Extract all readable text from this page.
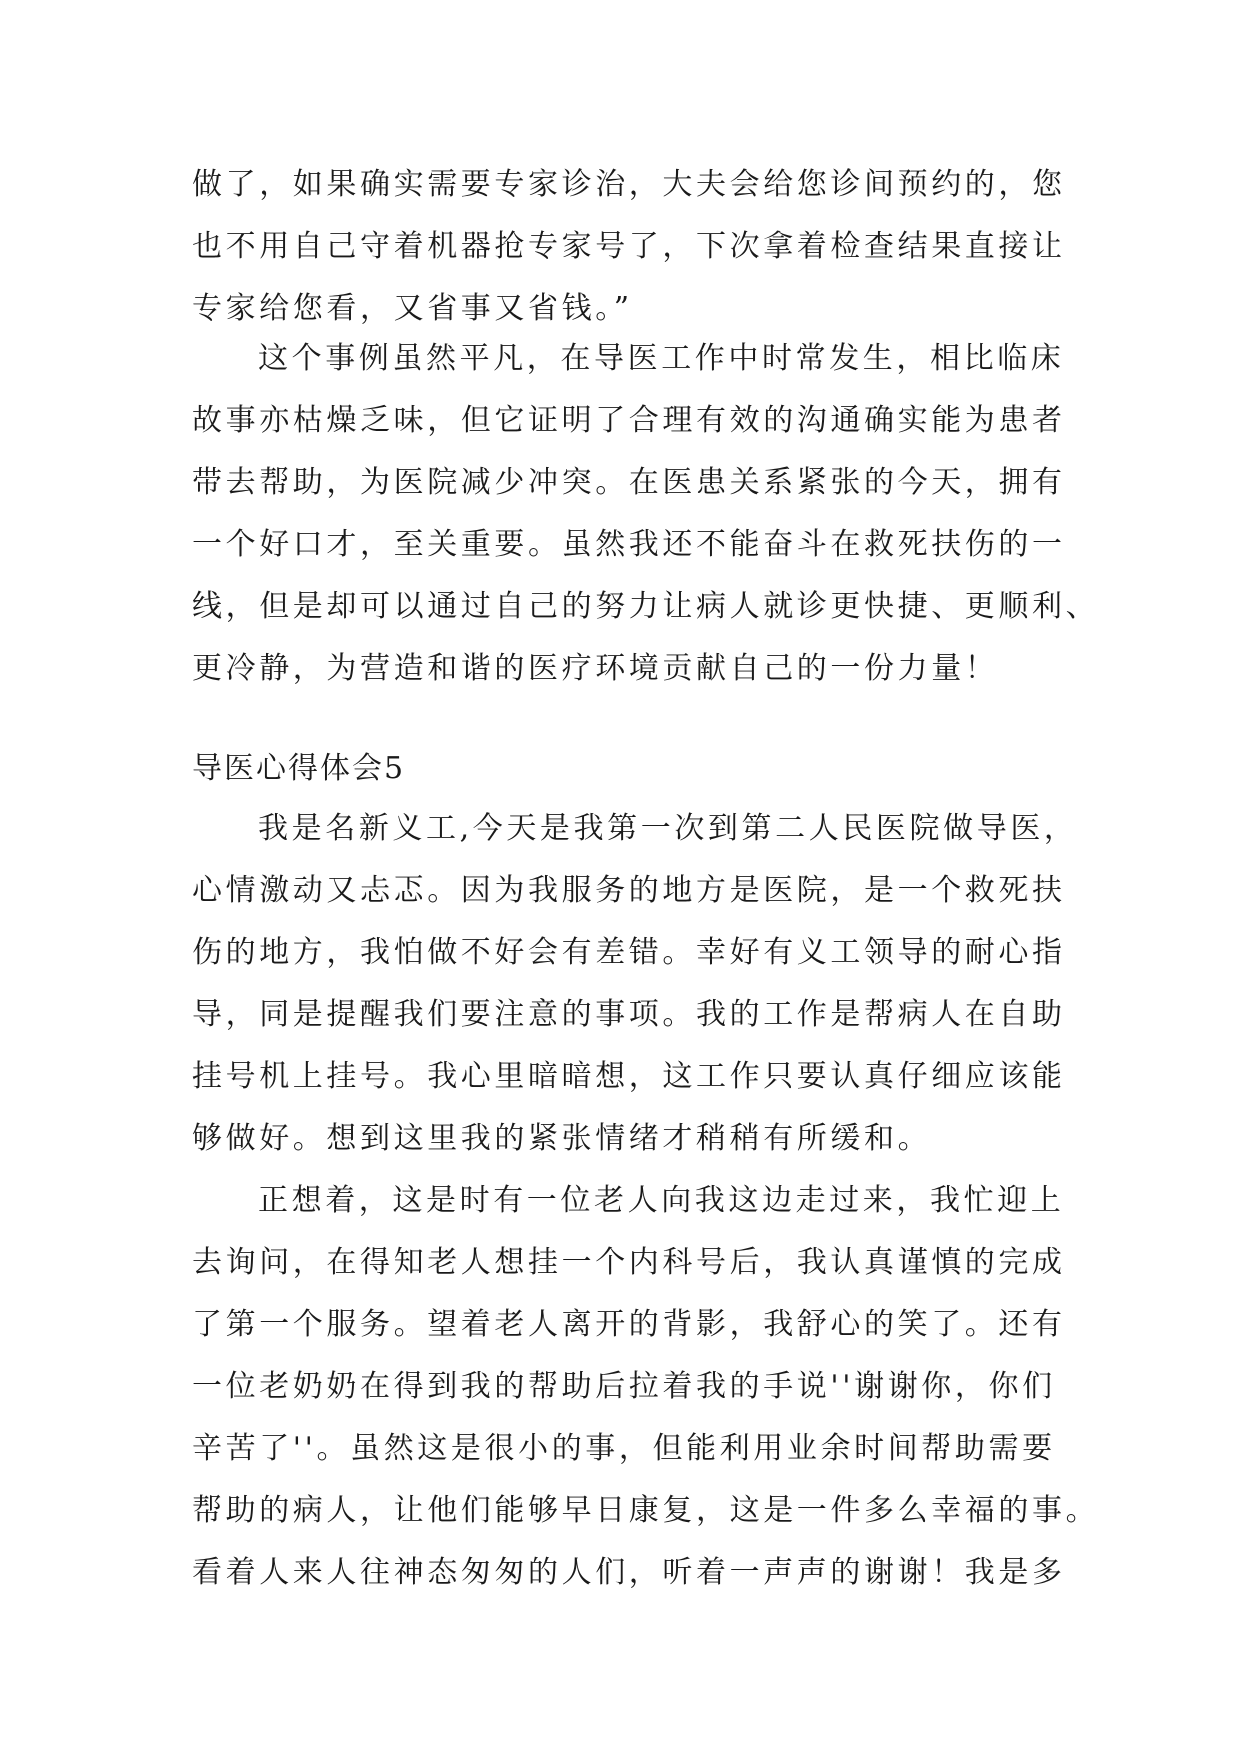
做了，如果确实需要专家诊治，大夫会给您诊间预约的，您
也不用自己守着机器抢专家号了，下次拿着检查结果直接让
专家给您看，又省事又省钱。”
这个事例虽然平凡，在导医工作中时常发生，相比临床
故事亦枯燥乏味，但它证明了合理有效的沟通确实能为患者
带去帮助，为医院减少冲突。在医患关系紧张的今天，拥有
一个好口才，至关重要。虽然我还不能奋斗在救死扶伤的一
线，但是却可以通过自己的努力让病人就诊更快捷、更顺利、
更冷静，为营造和谐的医疗环境贡献自己的一份力量！
导医心得体会5
我是名新义工,今天是我第一次到第二人民医院做导医，
心情激动又忐忑。因为我服务的地方是医院，是一个救死扶
伤的地方，我怕做不好会有差错。幸好有义工领导的耐心指
导，同是提醒我们要注意的事项。我的工作是帮病人在自助
挂号机上挂号。我心里暗暗想，这工作只要认真仔细应该能
够做好。想到这里我的紧张情绪才稍稍有所缓和。
正想着，这是时有一位老人向我这边走过来，我忙迎上
去询问，在得知老人想挂一个内科号后，我认真谨慎的完成
了第一个服务。望着老人离开的背影，我舒心的笑了。还有
一位老奶奶在得到我的帮助后拉着我的手说''谢谢你，你们
辛苦了''。虽然这是很小的事，但能利用业余时间帮助需要
帮助的病人，让他们能够早日康复，这是一件多么幸福的事。
看着人来人往神态匆匆的人们，听着一声声的谢谢！我是多
